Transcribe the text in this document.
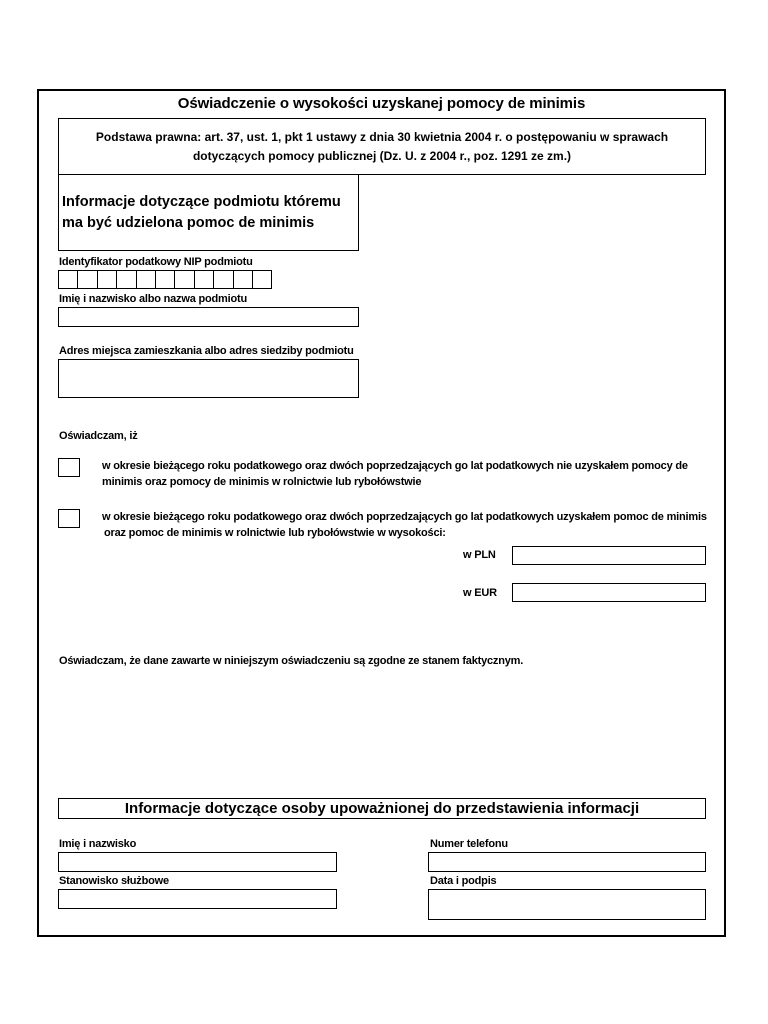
Oświadczenie o wysokości uzyskanej pomocy de minimis
Podstawa prawna: art. 37, ust. 1, pkt 1 ustawy z dnia 30 kwietnia 2004 r. o postępowaniu w sprawach
dotyczących pomocy publicznej (Dz. U. z 2004 r., poz. 1291 ze zm.)
Informacje dotyczące podmiotu któremu
ma być udzielona pomoc de minimis
Identyfikator podatkowy NIP podmiotu
Imię i nazwisko albo nazwa podmiotu
Adres miejsca zamieszkania albo adres siedziby podmiotu
Oświadczam, iż
w okresie bieżącego roku podatkowego oraz dwóch poprzedzających go lat podatkowych nie uzyskałem pomocy de
minimis oraz pomocy de minimis w rolnictwie lub rybołówstwie
w okresie bieżącego roku podatkowego oraz dwóch poprzedzających go lat podatkowych uzyskałem pomoc de minimis
oraz pomoc de minimis w rolnictwie lub rybołówstwie w wysokości:
w PLN
w EUR
Oświadczam, że dane zawarte w niniejszym oświadczeniu są zgodne ze stanem faktycznym.
Informacje dotyczące osoby upoważnionej do przedstawienia informacji
Imię i nazwisko	Numer telefonu
Stanowisko służbowe	Data i podpis
